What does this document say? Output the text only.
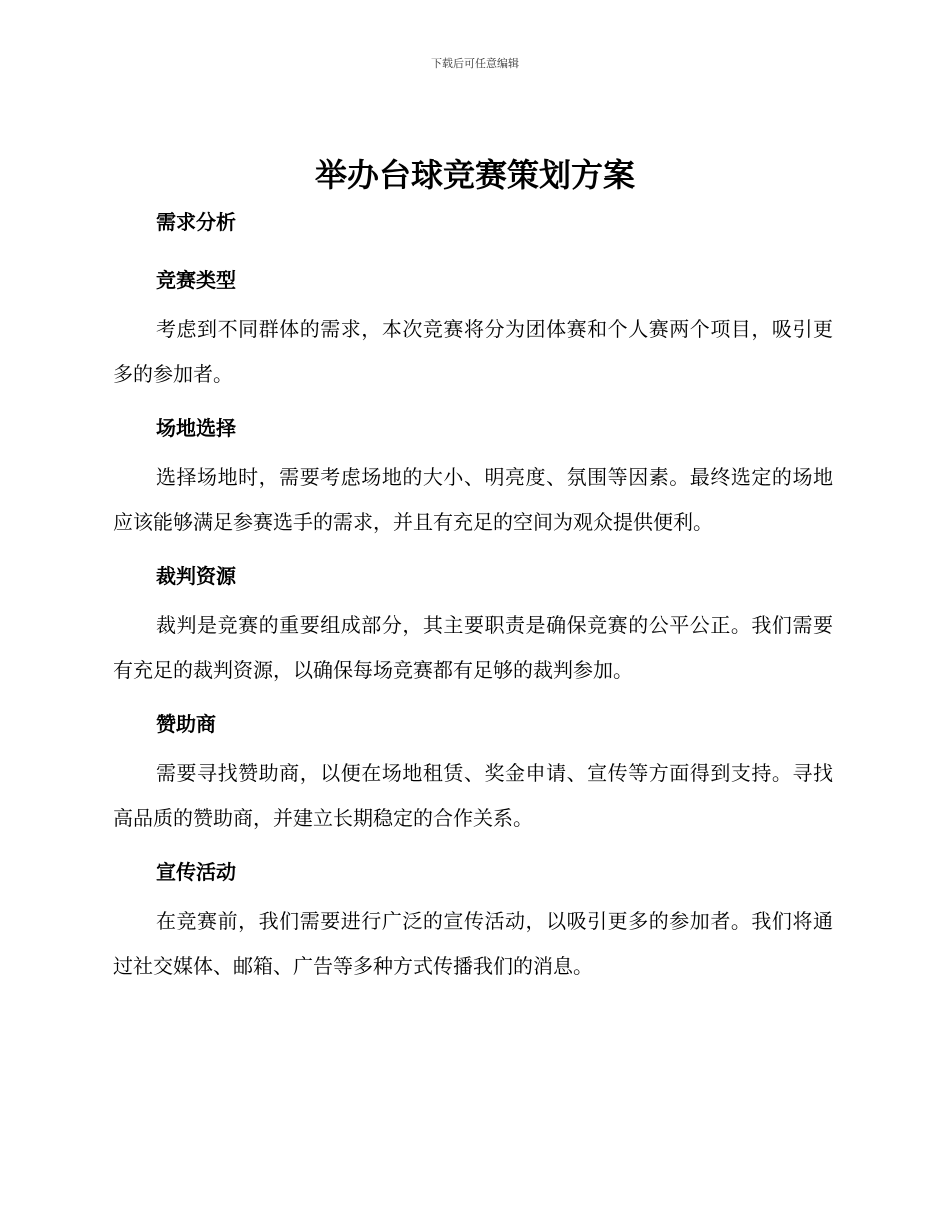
下载后可任意编辑
举办台球竞赛策划方案
需求分析
竞赛类型

考虑到不同群体的需求，本次竞赛将分为团体赛和个人赛两个项目，吸引更多的参加者。

场地选择

选择场地时，需要考虑场地的大小、明亮度、氛围等因素。最终选定的场地应该能够满足参赛选手的需求，并且有充足的空间为观众提供便利。

裁判资源

裁判是竞赛的重要组成部分，其主要职责是确保竞赛的公平公正。我们需要有充足的裁判资源，以确保每场竞赛都有足够的裁判参加。

赞助商

需要寻找赞助商，以便在场地租赁、奖金申请、宣传等方面得到支持。寻找高品质的赞助商，并建立长期稳定的合作关系。

宣传活动

在竞赛前，我们需要进行广泛的宣传活动，以吸引更多的参加者。我们将通过社交媒体、邮箱、广告等多种方式传播我们的消息。
